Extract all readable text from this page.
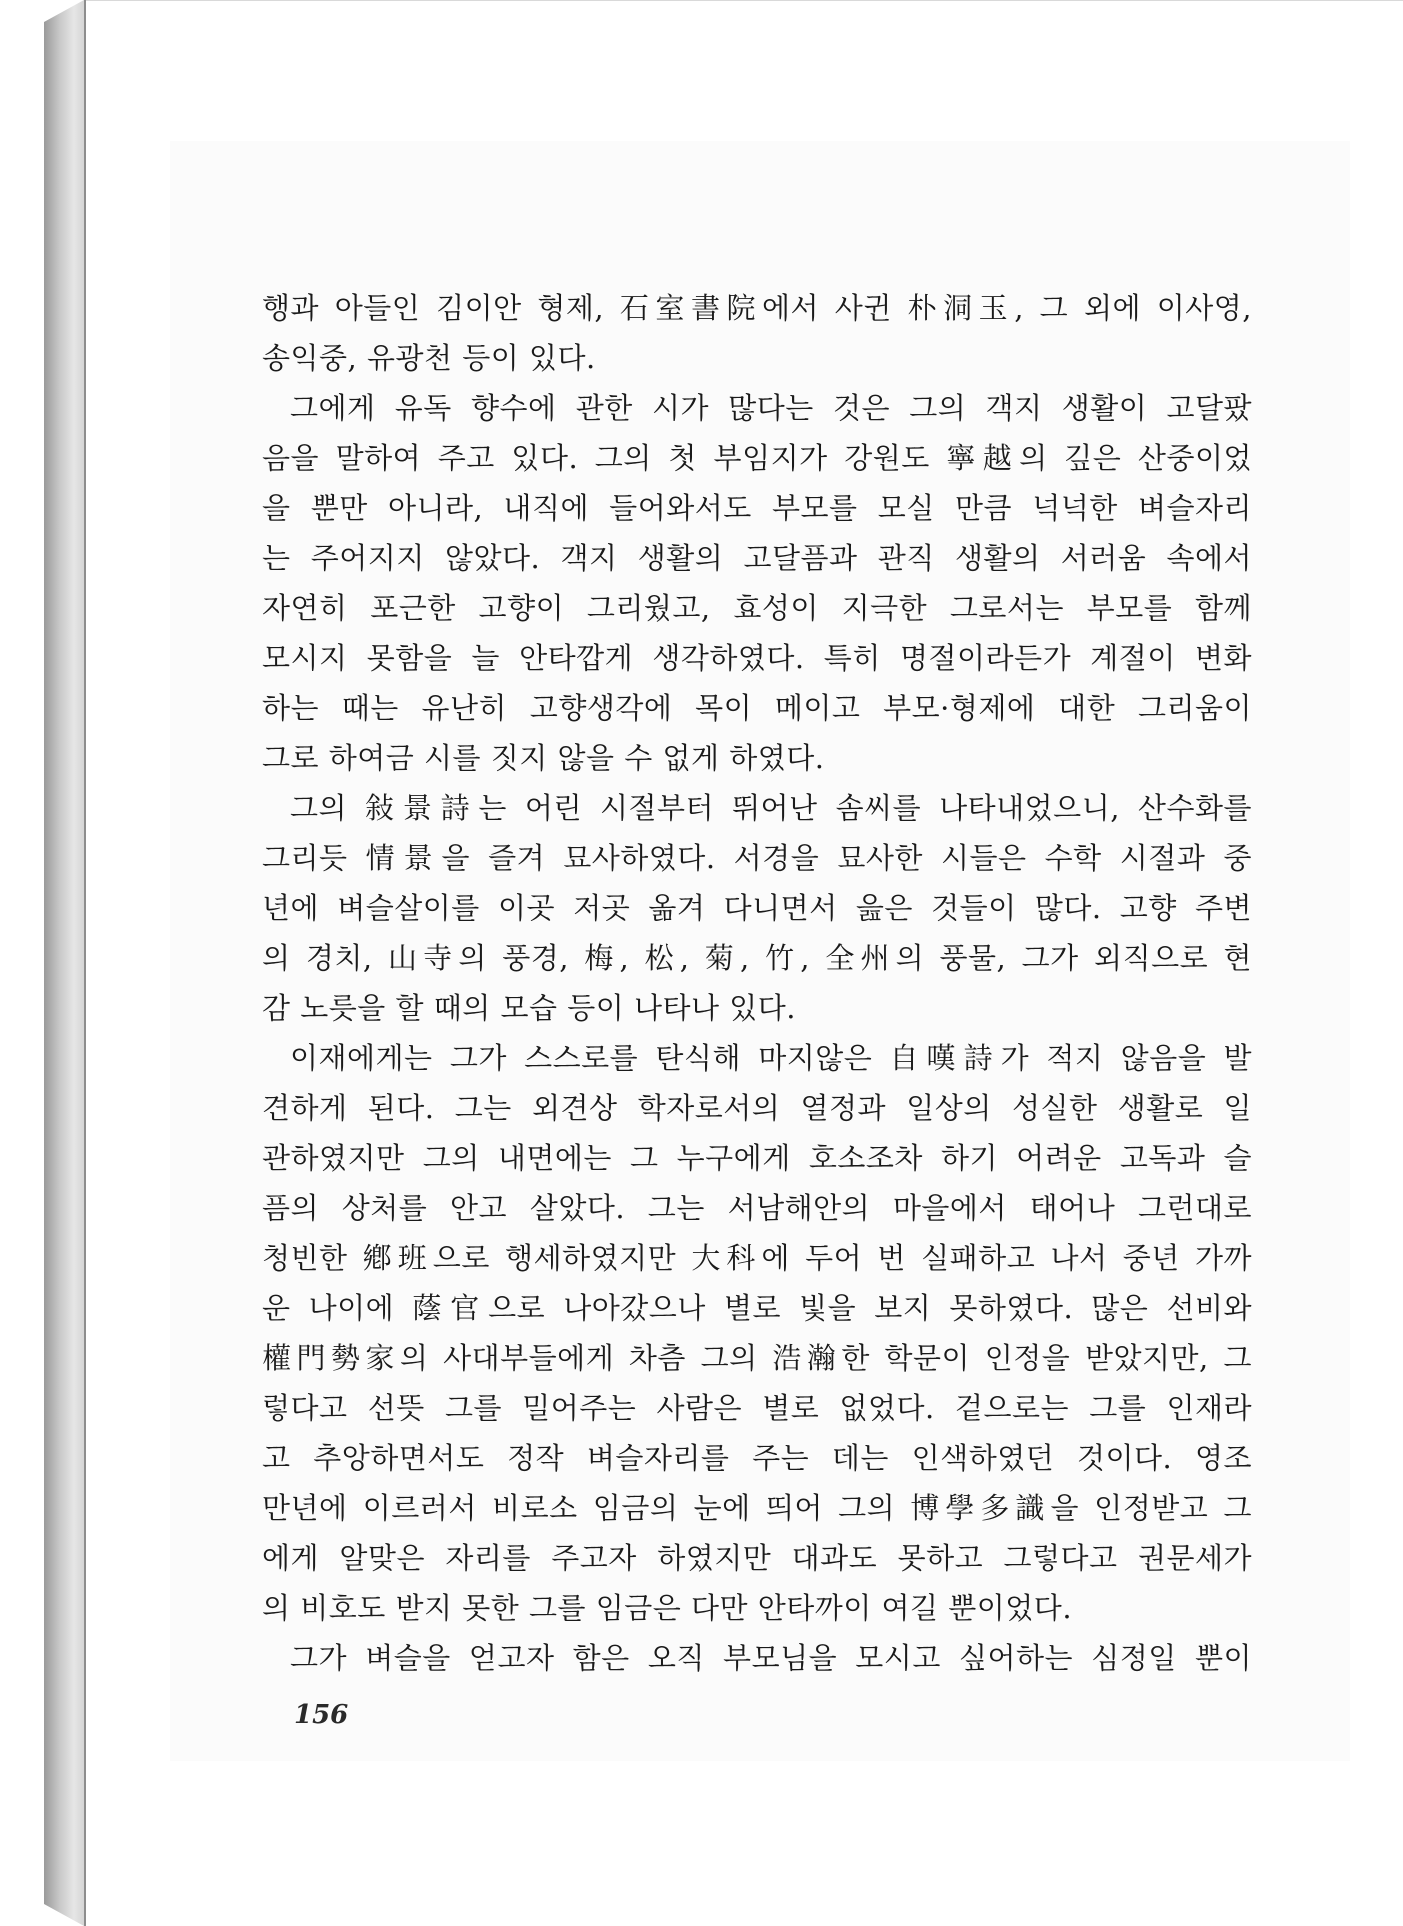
행과 아들인 김이안 형제, 石室書院에서 사귄 朴洞玉, 그 외에 이사영,
송익중, 유광천 등이 있다.
그에게 유독 향수에 관한 시가 많다는 것은 그의 객지 생활이 고달팠
음을 말하여 주고 있다. 그의 첫 부임지가 강원도 寧越의 깊은 산중이었
을 뿐만 아니라, 내직에 들어와서도 부모를 모실 만큼 넉넉한 벼슬자리
는 주어지지 않았다. 객지 생활의 고달픔과 관직 생활의 서러움 속에서
자연히 포근한 고향이 그리웠고, 효성이 지극한 그로서는 부모를 함께
모시지 못함을 늘 안타깝게 생각하였다. 특히 명절이라든가 계절이 변화
하는 때는 유난히 고향생각에 목이 메이고 부모·형제에 대한 그리움이
그로 하여금 시를 짓지 않을 수 없게 하였다.
그의 敍景詩는 어린 시절부터 뛰어난 솜씨를 나타내었으니, 산수화를
그리듯 情景을 즐겨 묘사하였다. 서경을 묘사한 시들은 수학 시절과 중
년에 벼슬살이를 이곳 저곳 옮겨 다니면서 읊은 것들이 많다. 고향 주변
의 경치, 山寺의 풍경, 梅, 松, 菊, 竹, 全州의 풍물, 그가 외직으로 현
감 노릇을 할 때의 모습 등이 나타나 있다.
이재에게는 그가 스스로를 탄식해 마지않은 自嘆詩가 적지 않음을 발
견하게 된다. 그는 외견상 학자로서의 열정과 일상의 성실한 생활로 일
관하였지만 그의 내면에는 그 누구에게 호소조차 하기 어려운 고독과 슬
픔의 상처를 안고 살았다. 그는 서남해안의 마을에서 태어나 그런대로
청빈한 鄕班으로 행세하였지만 大科에 두어 번 실패하고 나서 중년 가까
운 나이에 蔭官으로 나아갔으나 별로 빛을 보지 못하였다. 많은 선비와
權門勢家의 사대부들에게 차츰 그의 浩瀚한 학문이 인정을 받았지만, 그
렇다고 선뜻 그를 밀어주는 사람은 별로 없었다. 겉으로는 그를 인재라
고 추앙하면서도 정작 벼슬자리를 주는 데는 인색하였던 것이다. 영조
만년에 이르러서 비로소 임금의 눈에 띄어 그의 博學多識을 인정받고 그
에게 알맞은 자리를 주고자 하였지만 대과도 못하고 그렇다고 권문세가
의 비호도 받지 못한 그를 임금은 다만 안타까이 여길 뿐이었다.
그가 벼슬을 얻고자 함은 오직 부모님을 모시고 싶어하는 심정일 뿐이
156
